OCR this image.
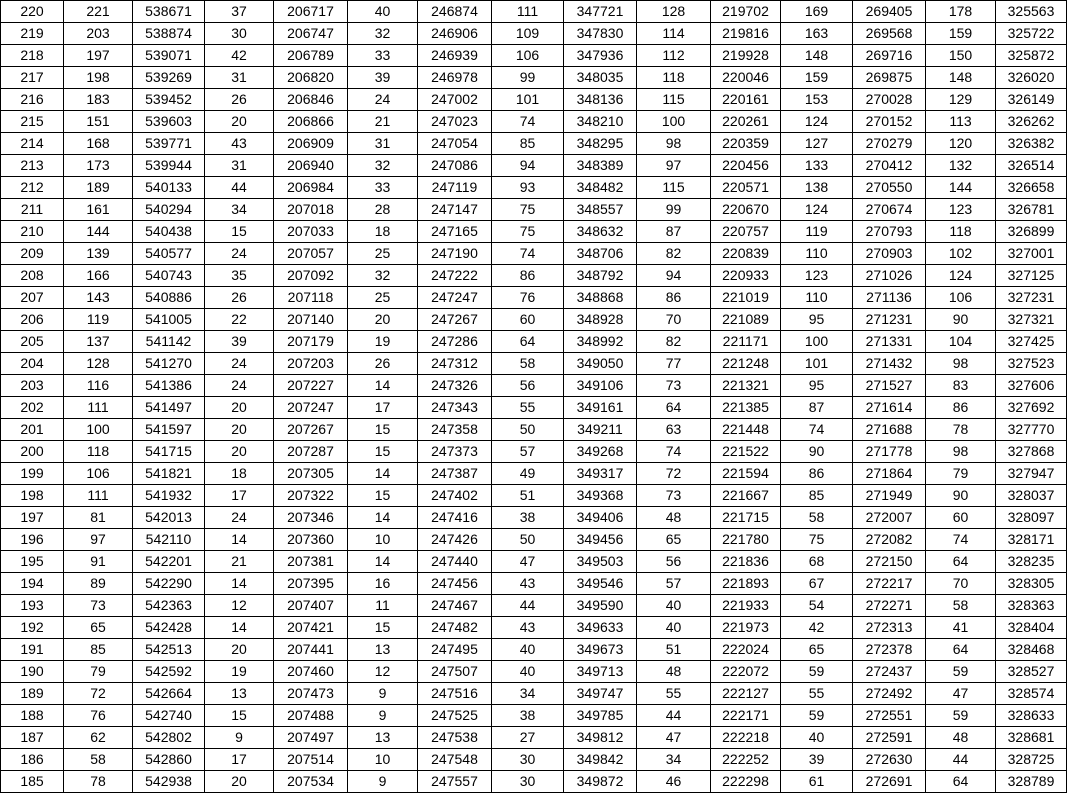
220	221	538671	37	206717	40	246874	111	347721	128	219702	169	269405	178	325563
219	203	538874	30	206747	32	246906	109	347830	114	219816	163	269568	159	325722
218	197	539071	42	206789	33	246939	106	347936	112	219928	148	269716	150	325872
217	198	539269	31	206820	39	246978	99	348035	118	220046	159	269875	148	326020
216	183	539452	26	206846	24	247002	101	348136	115	220161	153	270028	129	326149
215	151	539603	20	206866	21	247023	74	348210	100	220261	124	270152	113	326262
214	168	539771	43	206909	31	247054	85	348295	98	220359	127	270279	120	326382
213	173	539944	31	206940	32	247086	94	348389	97	220456	133	270412	132	326514
212	189	540133	44	206984	33	247119	93	348482	115	220571	138	270550	144	326658
211	161	540294	34	207018	28	247147	75	348557	99	220670	124	270674	123	326781
210	144	540438	15	207033	18	247165	75	348632	87	220757	119	270793	118	326899
209	139	540577	24	207057	25	247190	74	348706	82	220839	110	270903	102	327001
208	166	540743	35	207092	32	247222	86	348792	94	220933	123	271026	124	327125
207	143	540886	26	207118	25	247247	76	348868	86	221019	110	271136	106	327231
206	119	541005	22	207140	20	247267	60	348928	70	221089	95	271231	90	327321
205	137	541142	39	207179	19	247286	64	348992	82	221171	100	271331	104	327425
204	128	541270	24	207203	26	247312	58	349050	77	221248	101	271432	98	327523
203	116	541386	24	207227	14	247326	56	349106	73	221321	95	271527	83	327606
202	111	541497	20	207247	17	247343	55	349161	64	221385	87	271614	86	327692
201	100	541597	20	207267	15	247358	50	349211	63	221448	74	271688	78	327770
200	118	541715	20	207287	15	247373	57	349268	74	221522	90	271778	98	327868
199	106	541821	18	207305	14	247387	49	349317	72	221594	86	271864	79	327947
198	111	541932	17	207322	15	247402	51	349368	73	221667	85	271949	90	328037
197	81	542013	24	207346	14	247416	38	349406	48	221715	58	272007	60	328097
196	97	542110	14	207360	10	247426	50	349456	65	221780	75	272082	74	328171
195	91	542201	21	207381	14	247440	47	349503	56	221836	68	272150	64	328235
194	89	542290	14	207395	16	247456	43	349546	57	221893	67	272217	70	328305
193	73	542363	12	207407	11	247467	44	349590	40	221933	54	272271	58	328363
192	65	542428	14	207421	15	247482	43	349633	40	221973	42	272313	41	328404
191	85	542513	20	207441	13	247495	40	349673	51	222024	65	272378	64	328468
190	79	542592	19	207460	12	247507	40	349713	48	222072	59	272437	59	328527
189	72	542664	13	207473	9	247516	34	349747	55	222127	55	272492	47	328574
188	76	542740	15	207488	9	247525	38	349785	44	222171	59	272551	59	328633
187	62	542802	9	207497	13	247538	27	349812	47	222218	40	272591	48	328681
186	58	542860	17	207514	10	247548	30	349842	34	222252	39	272630	44	328725
185	78	542938	20	207534	9	247557	30	349872	46	222298	61	272691	64	328789
